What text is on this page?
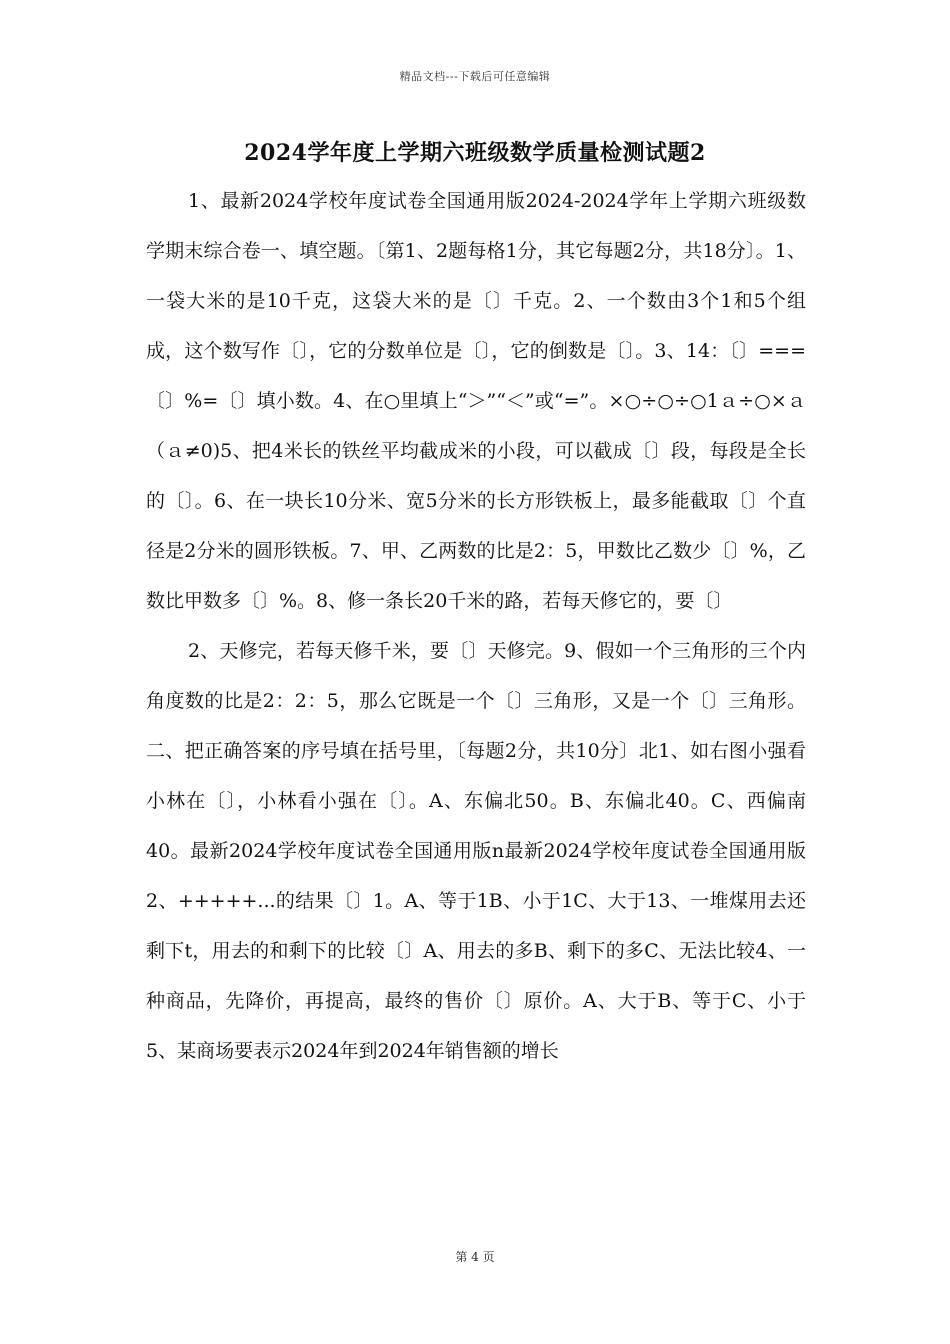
精品文档---下载后可任意编辑
2024学年度上学期六班级数学质量检测试题2

1、最新2024学校年度试卷全国通用版2024-2024学年上学期六班级数学期末综合卷一、填空题。〔第1、2题每格1分，其它每题2分，共18分〕。1、一袋大米的是10千克，这袋大米的是〔〕千克。2、一个数由3个1和5个组成，这个数写作〔〕，它的分数单位是〔〕，它的倒数是〔〕。3、14：〔〕===〔〕%=〔〕填小数。4、在○里填上“＞”“＜”或“=”。×○÷○÷○1ａ÷○×ａ（ａ≠0)5、把4米长的铁丝平均截成米的小段，可以截成〔〕段，每段是全长的〔〕。6、在一块长10分米、宽5分米的长方形铁板上，最多能截取〔〕个直径是2分米的圆形铁板。7、甲、乙两数的比是2：5，甲数比乙数少〔〕%，乙数比甲数多〔〕%。8、修一条长20千米的路，若每天修它的，要〔〕

2、天修完，若每天修千米，要〔〕天修完。9、假如一个三角形的三个内角度数的比是2：2：5，那么它既是一个〔〕三角形，又是一个〔〕三角形。二、把正确答案的序号填在括号里，〔每题2分，共10分〕北1、如右图小强看小林在〔〕，小林看小强在〔〕。A、东偏北50。B、东偏北40。C、西偏南40。最新2024学校年度试卷全国通用版n最新2024学校年度试卷全国通用版2、+++++...的结果〔〕1。A、等于1B、小于1C、大于13、一堆煤用去还剩下t，用去的和剩下的比较〔〕A、用去的多B、剩下的多C、无法比较4、一种商品，先降价，再提高，最终的售价〔〕原价。A、大于B、等于C、小于5、某商场要表示2024年到2024年销售额的增长

第 4 页
